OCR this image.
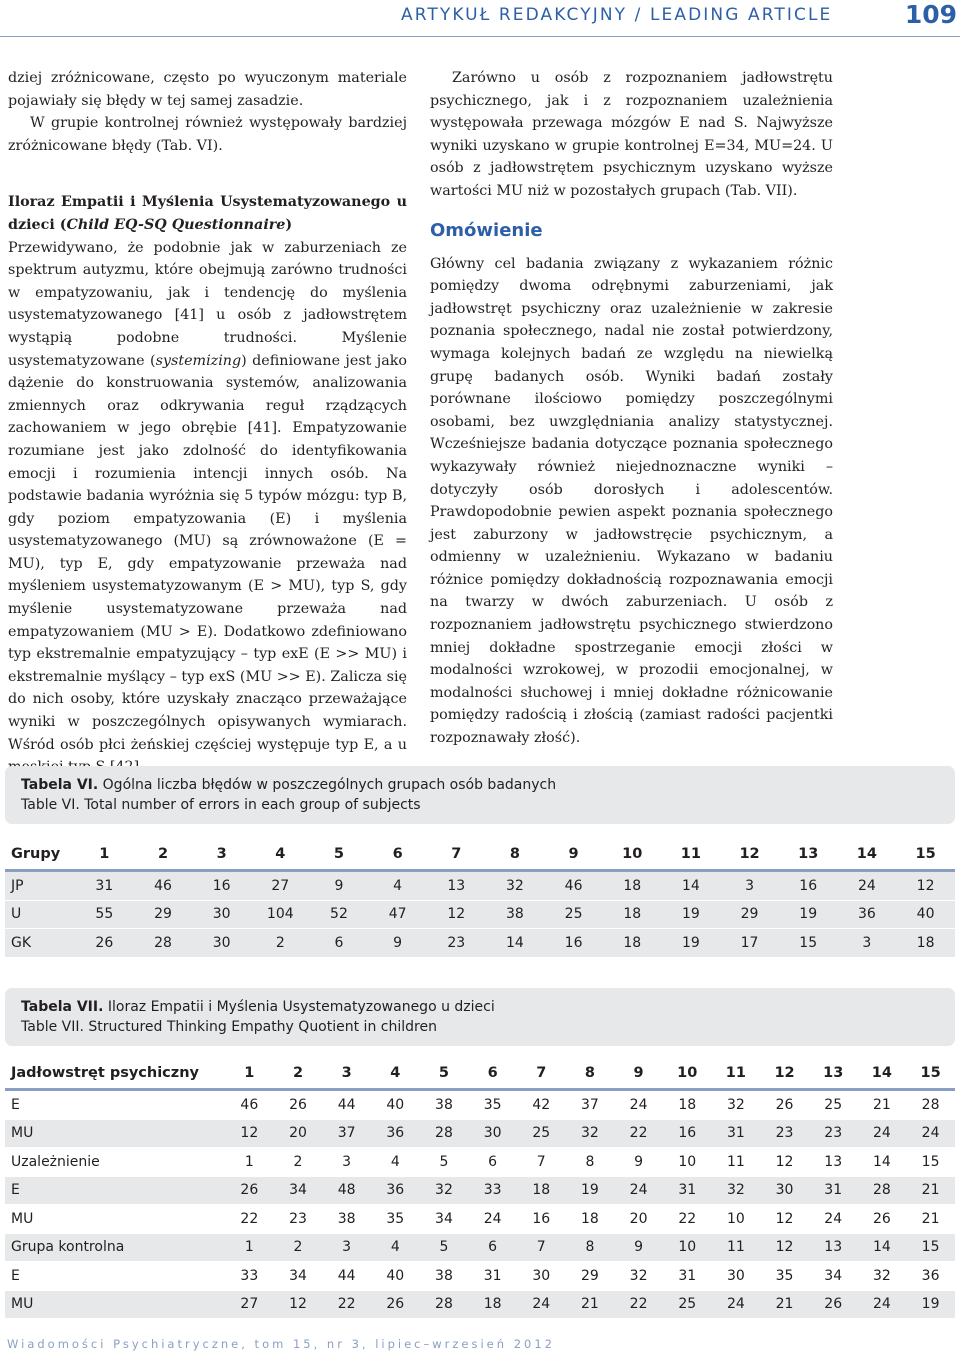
ARTYKUŁ REDAKCYJNY / LEADING ARTICLE	109

dziej zróżnicowane, często po wyuczonym materiale pojawiały się błędy w tej samej zasadzie.

W grupie kontrolnej również występowały bardziej zróżnicowane błędy (Tab. VI).

Iloraz Empatii i Myślenia Usystematyzowanego u dzieci (Child EQ-SQ Questionnaire)

Przewidywano, że podobnie jak w zaburzeniach ze spektrum autyzmu, które obejmują zarówno trudności w empatyzowaniu, jak i tendencję do myślenia usystematyzowanego [41] u osób z jadłowstrętem wystąpią podobne trudności. Myślenie usystematyzowane (systemizing) definiowane jest jako dążenie do konstruowania systemów, analizowania zmiennych oraz odkrywania reguł rządzących zachowaniem w jego obrębie [41]. Empatyzowanie rozumiane jest jako zdolność do identyfikowania emocji i rozumienia intencji innych osób. Na podstawie badania wyróżnia się 5 typów mózgu: typ B, gdy poziom empatyzowania (E) i myślenia usystematyzowanego (MU) są zrównoważone (E = MU), typ E, gdy empatyzowanie przeważa nad myśleniem usystematyzowanym (E > MU), typ S, gdy myślenie usystematyzowane przeważa nad empatyzowaniem (MU > E). Dodatkowo zdefiniowano typ ekstremalnie empatyzujący – typ exE (E >> MU) i ekstremalnie myślący – typ exS (MU >> E). Zalicza się do nich osoby, które uzyskały znacząco przeważające wyniki w poszczególnych opisywanych wymiarach. Wśród osób płci żeńskiej częściej występuje typ E, a u

Zarówno u osób z rozpoznaniem jadłowstrętu psychicznego, jak i z rozpoznaniem uzależnienia występowała przewaga mózgów E nad S. Najwyższe wyniki uzyskano w grupie kontrolnej E=34, MU=24. U osób z jadłowstrętem psychicznym uzyskano wyższe wartości MU niż w pozostałych grupach (Tab. VII).

Omówienie

Główny cel badania związany z wykazaniem różnic pomiędzy dwoma odrębnymi zaburzeniami, jak jadłowstręt psychiczny oraz uzależnienie w zakresie poznania społecznego, nadal nie został potwierdzony, wymaga kolejnych badań ze względu na niewielką grupę badanych osób. Wyniki badań zostały porównane ilościowo pomiędzy poszczególnymi osobami, bez uwzględniania analizy statystycznej. Wcześniejsze badania dotyczące poznania społecznego wykazywały również niejednoznaczne wyniki – dotyczyły osób dorosłych i adolescentów. Prawdopodobnie pewien aspekt poznania społecznego jest zaburzony w jadłowstręcie psychicznym, a odmienny w uzależnieniu. Wykazano w badaniu różnice pomiędzy dokładnością rozpoznawania emocji na twarzy w dwóch zaburzeniach. U osób z rozpoznaniem jadłowstrętu psychicznego stwierdzono mniej dokładne spostrzeganie emocji złości w modalności wzrokowej, w prozodii emocjonalnej, w modalności słuchowej i mniej dokładne różnicowanie pomiędzy radością i złością (zamiast radości pacjentki rozpoznawały złość).

Tabela VI. Ogólna liczba błędów w poszczególnych grupach osób badanych
Table VI. Total number of errors in each group of subjects
Grupy	1	2	3	4	5	6	7	8	9	10	11	12	13	14	15
JP	31	46	16	27	9	4	13	32	46	18	14	3	16	24	12
U	55	29	30	104	52	47	12	38	25	18	19	29	19	36	40
GK	26	28	30	2	6	9	23	14	16	18	19	17	15	3	18
Tabela VII. Iloraz Empatii i Myślenia Usystematyzowanego u dzieci
Table VII. Structured Thinking Empathy Quotient in children
Jadłowstręt psychiczny	1	2	3	4	5	6	7	8	9	10	11	12	13	14	15
E	46	26	44	40	38	35	42	37	24	18	32	26	25	21	28
MU	12	20	37	36	28	30	25	32	22	16	31	23	23	24	24
Uzależnienie	1	2	3	4	5	6	7	8	9	10	11	12	13	14	15
E	26	34	48	36	32	33	18	19	24	31	32	30	31	28	21
MU	22	23	38	35	34	24	16	18	20	22	10	12	24	26	21
Grupa kontrolna	1	2	3	4	5	6	7	8	9	10	11	12	13	14	15
E	33	34	44	40	38	31	30	29	32	31	30	35	34	32	36
MU	27	12	22	26	28	18	24	21	22	25	24	21	26	24	19
Wiadomości Psychiatryczne, tom 15, nr 3, lipiec–wrzesień 2012
